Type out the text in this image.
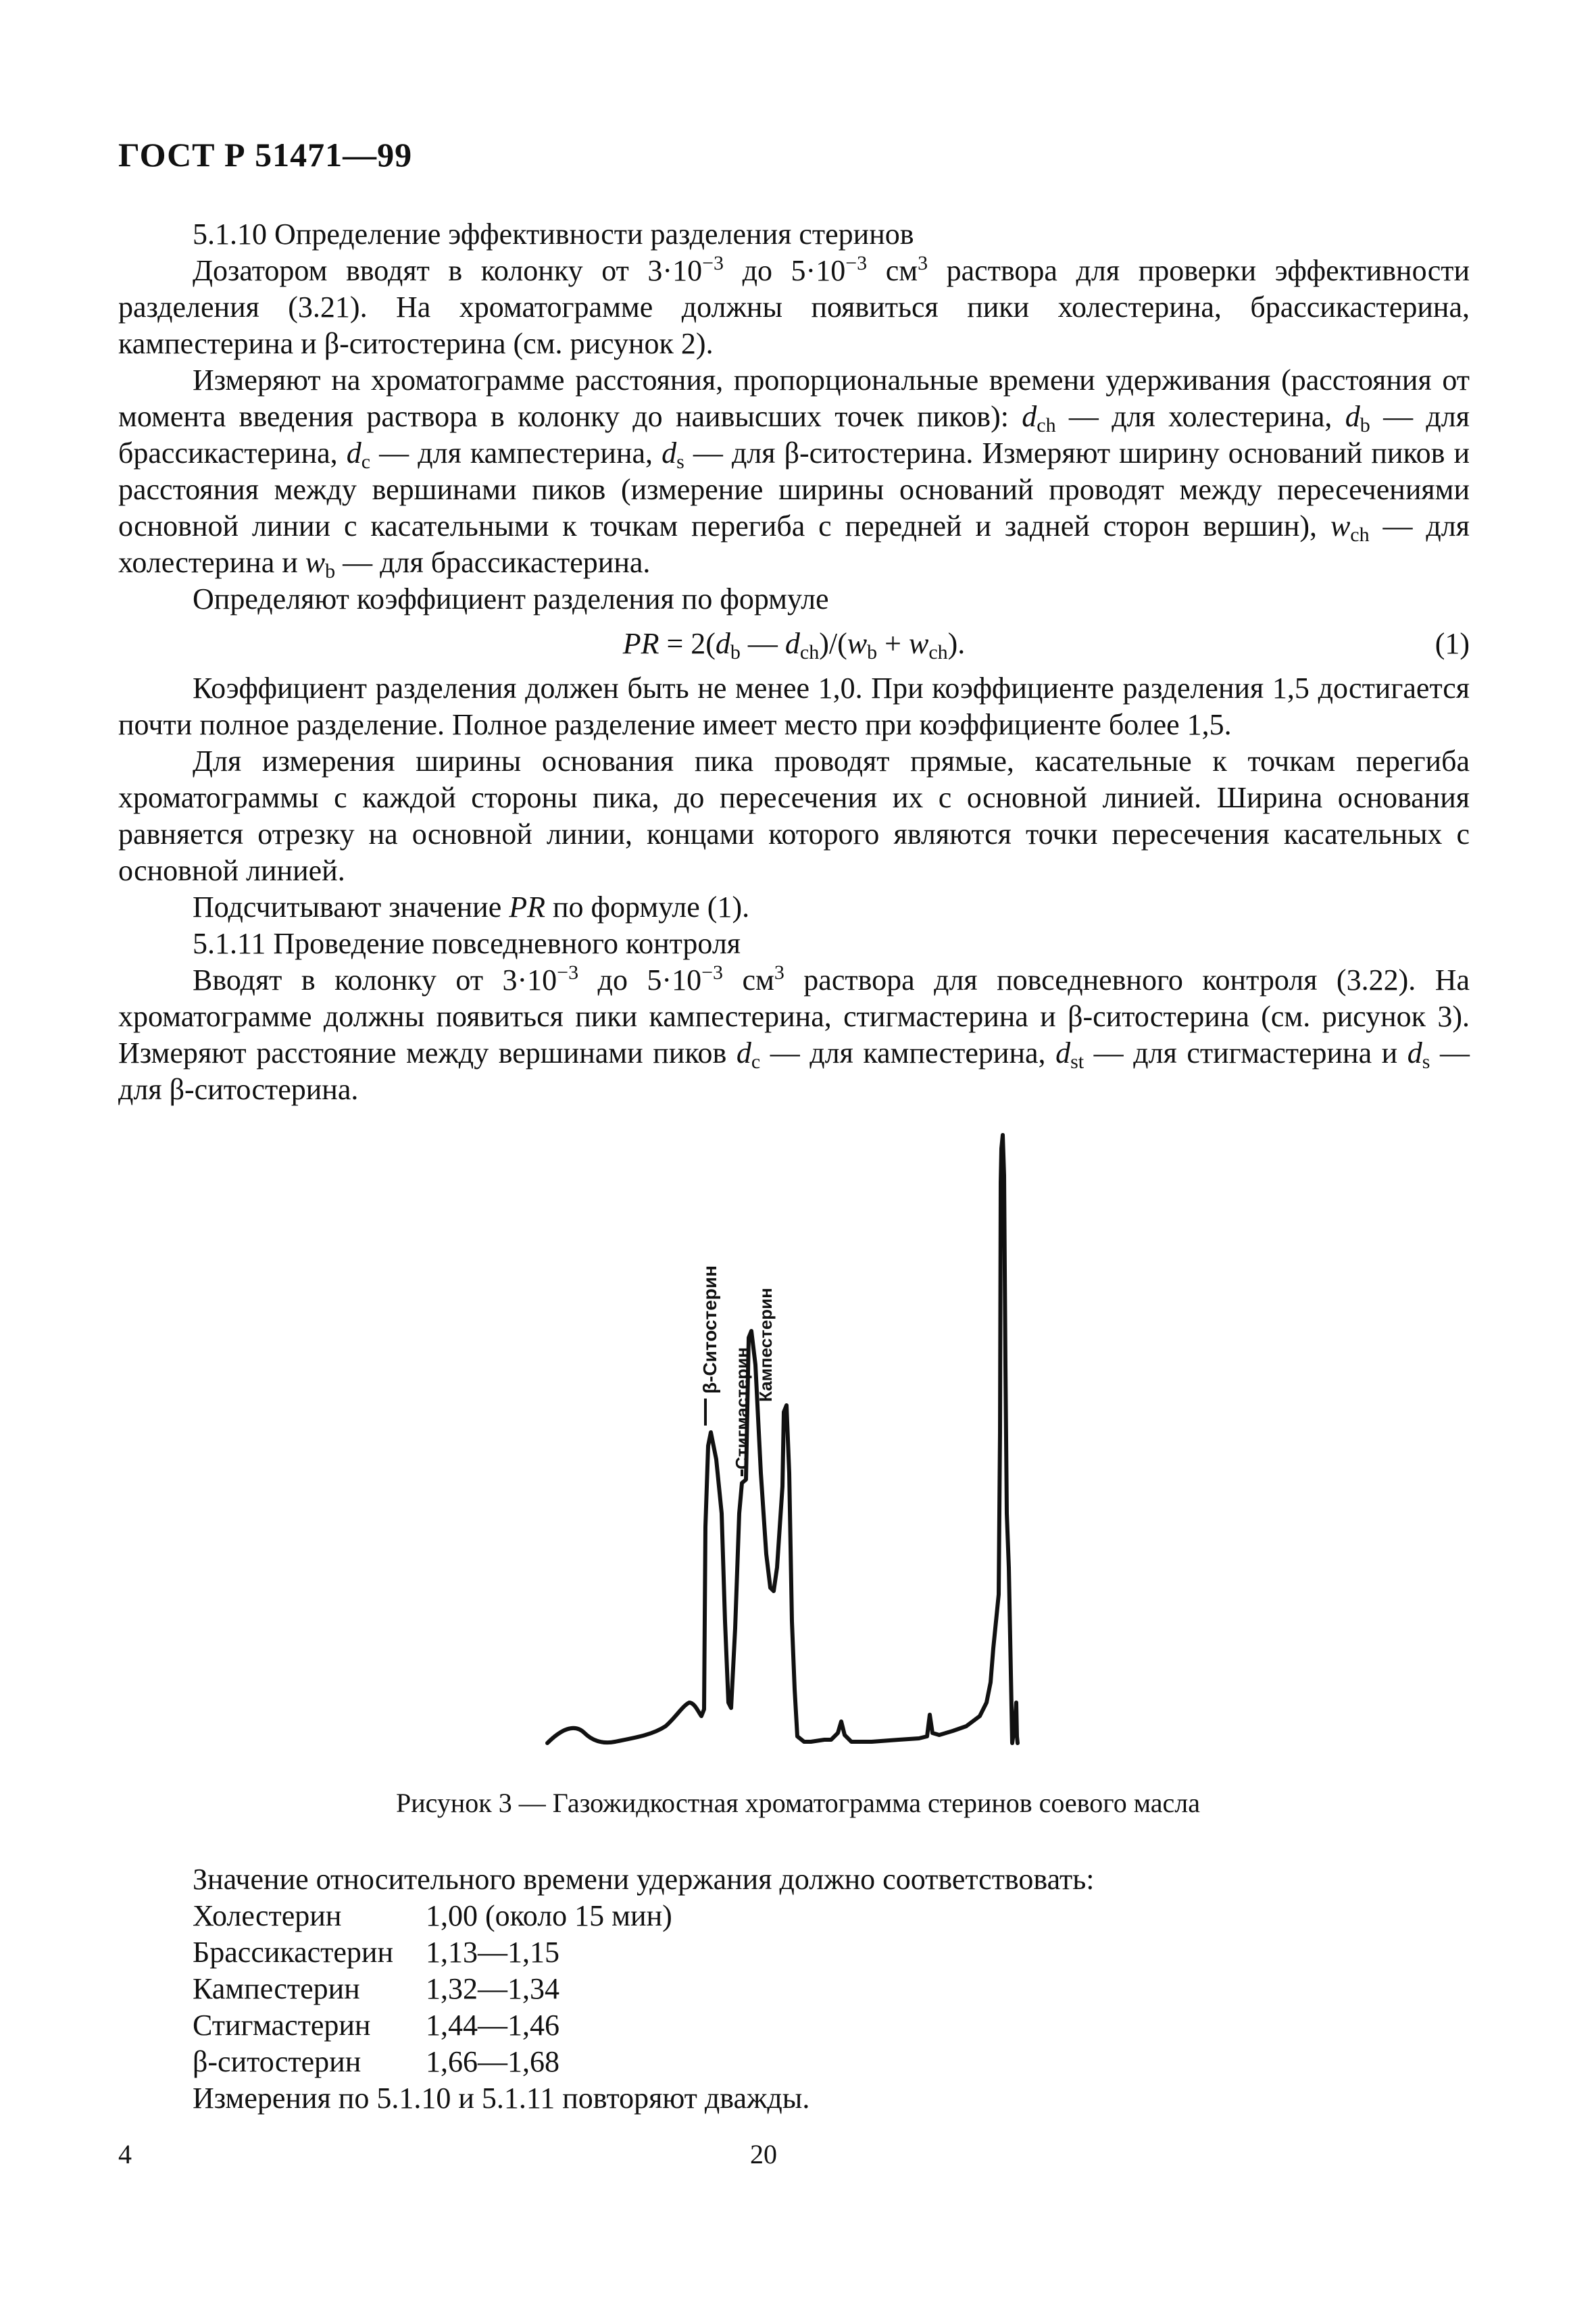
ГОСТ Р 51471—99

5.1.10 Определение эффективности разделения стеринов

Дозатором вводят в колонку от $3\cdot 10^{-3}$ до $5\cdot 10^{-3}$ $см^3$ раствора для проверки эффективности разделения (3.21). На хроматограмме должны появиться пики холестерина, брассикастерина, кампестерина и β-ситостерина (см. рисунок 2).

Измеряют на хроматограмме расстояния, пропорциональные времени удерживания (расстояния от момента введения раствора в колонку до наивысших точек пиков): $d_{ch}$ — для холестерина, $d_b$ — для брассикастерина, $d_c$ — для кампестерина, $d_s$ — для β-ситостерина. Измеряют ширину оснований пиков и расстояния между вершинами пиков (измерение ширины оснований проводят между пересечениями основной линии с касательными к точкам перегиба с передней и задней сторон вершин), $w_{ch}$ — для холестерина и $w_b$ — для брассикастерина.

Определяют коэффициент разделения по формуле

PR = $2(d_b$ — $d_{ch})/(w_b + w_{ch})$.	(1)

Коэффициент разделения должен быть не менее 1,0. При коэффициенте разделения 1,5 достигается почти полное разделение. Полное разделение имеет место при коэффициенте более 1,5.

Для измерения ширины основания пика проводят прямые, касательные к точкам перегиба хроматограммы с каждой стороны пика, до пересечения их с основной линией. Ширина основания равняется отрезку на основной линии, концами которого являются точки пересечения касательных с основной линией.

Подсчитывают значение PR по формуле (1).

5.1.11 Проведение повседневного контроля

Вводят в колонку от $3\cdot 10^{-3}$ до $5\cdot 10^{-3}$ $см^3$ раствора для повседневного контроля (3.22). На хроматограмме должны появиться пики кампестерина, стигмастерина и β-ситостерина (см. рисунок 3). Измеряют расстояние между вершинами пиков $d_c$ — для кампестерина, $d_{st}$ — для стигмастерина и $d_s$ — для β-ситостерина.

β-Ситостерин
Стигмастерин
Кампестерин
Рисунок 3 — Газожидкостная хроматограмма стеринов соевого масла
Значение относительного времени удержания должно соответствовать:
Холестерин	1,00 (около 15 мин)
Брассикастерин	1,13—1,15
Кампестерин	1,32—1,34
Стигмастерин	1,44—1,46
β-ситостерин	1,66—1,68
Измерения по 5.1.10 и 5.1.11 повторяют дважды.
4	20
